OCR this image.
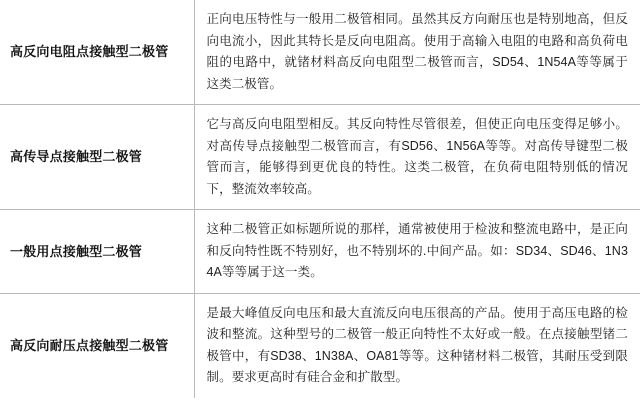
高反向电阻点接触型二极管	正向电压特性与一般用二极管相同。虽然其反方向耐压也是特别地高，但反向电流小，因此其特长是反向电阻高。使用于高输入电阻的电路和高负荷电阻的电路中，就锗材料高反向电阻型二极管而言，SD54、1N54A等等属于这类二极管。

高传导点接触型二极管	它与高反向电阻型相反。其反向特性尽管很差，但使正向电压变得足够小。对高传导点接触型二极管而言，有SD56、1N56A等等。对高传导键型二极管而言，能够得到更优良的特性。这类二极管，在负荷电阻特别低的情况下，整流效率较高。

一般用点接触型二极管	这种二极管正如标题所说的那样，通常被使用于检波和整流电路中，是正向和反向特性既不特别好，也不特别坏的.中间产品。如：SD34、SD46、1N34A等等属于这一类。

高反向耐压点接触型二极管	是最大峰值反向电压和最大直流反向电压很高的产品。使用于高压电路的检波和整流。这种型号的二极管一般正向特性不太好或一般。在点接触型锗二极管中，有SD38、1N38A、OA81等等。这种锗材料二极管，其耐压受到限制。要求更高时有硅合金和扩散型。
